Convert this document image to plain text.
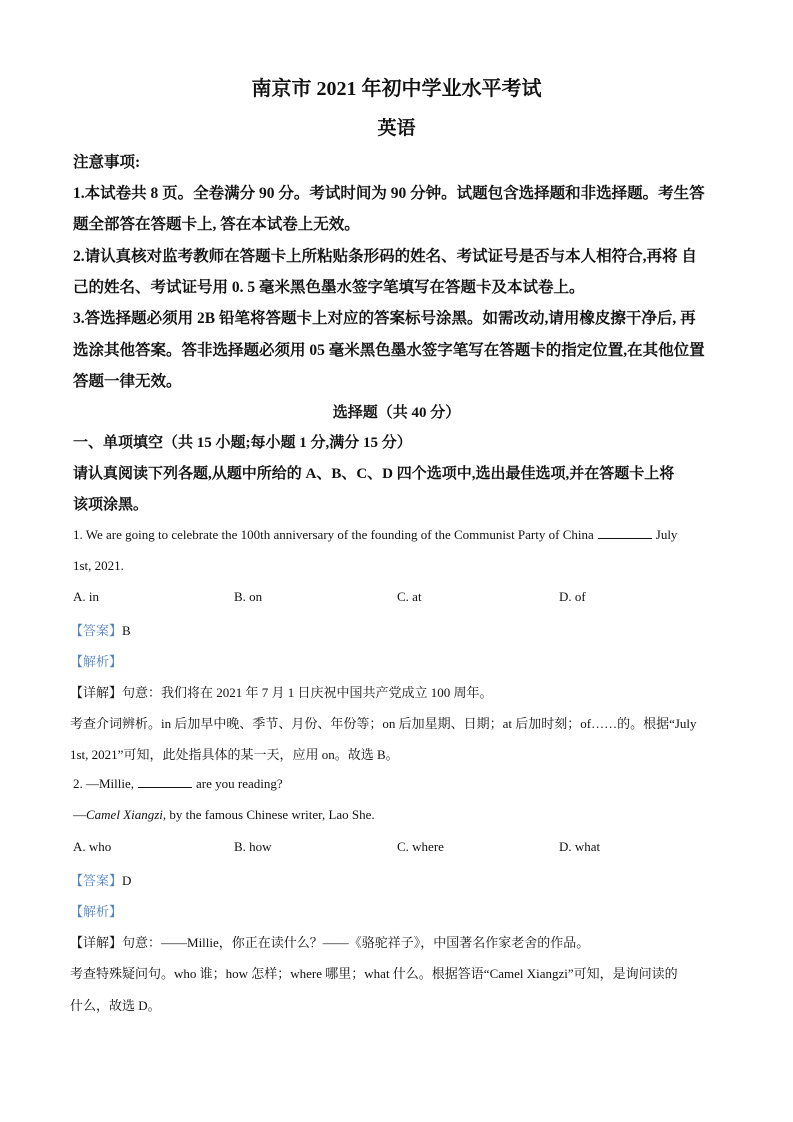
南京市 2021 年初中学业水平考试
英语
注意事项:
1.本试卷共 8 页。全卷满分 90 分。考试时间为 90 分钟。试题包含选择题和非选择题。考生答
题全部答在答题卡上, 答在本试卷上无效。
2.请认真核对监考教师在答题卡上所粘贴条形码的姓名、考试证号是否与本人相符合,再将 自
己的姓名、考试证号用 0. 5 毫米黑色墨水签字笔填写在答题卡及本试卷上。
3.答选择题必须用 2B 铅笔将答题卡上对应的答案标号涂黑。如需改动,请用橡皮擦干净后, 再
选涂其他答案。答非选择题必须用 05 毫米黑色墨水签字笔写在答题卡的指定位置,在其他位置
答题一律无效。
选择题（共 40 分）
一、单项填空（共 15 小题;每小题 1 分,满分 15 分）
请认真阅读下列各题,从题中所给的 A、B、C、D 四个选项中,选出最佳选项,并在答题卡上将
该项涂黑。
1. We are going to celebrate the 100th anniversary of the founding of the Communist Party of China	July
1st, 2021.
A. in	B. on	C. at	D. of
【答案】B
【解析】
【详解】句意：我们将在 2021 年 7 月 1 日庆祝中国共产党成立 100 周年。
考查介词辨析。in 后加早中晚、季节、月份、年份等；on 后加星期、日期；at 后加时刻；of……的。根据“July
1st, 2021”可知，此处指具体的某一天，应用 on。故选 B。
2. —Millie,	are you reading?
—Camel Xiangzi, by the famous Chinese writer, Lao She.
A. who	B. how	C. where	D. what
【答案】D
【解析】
【详解】句意：——Millie，你正在读什么？——《骆驼祥子》，中国著名作家老舍的作品。
考查特殊疑问句。who 谁；how 怎样；where 哪里；what 什么。根据答语“Camel Xiangzi”可知，是询问读的
什么，故选 D。
